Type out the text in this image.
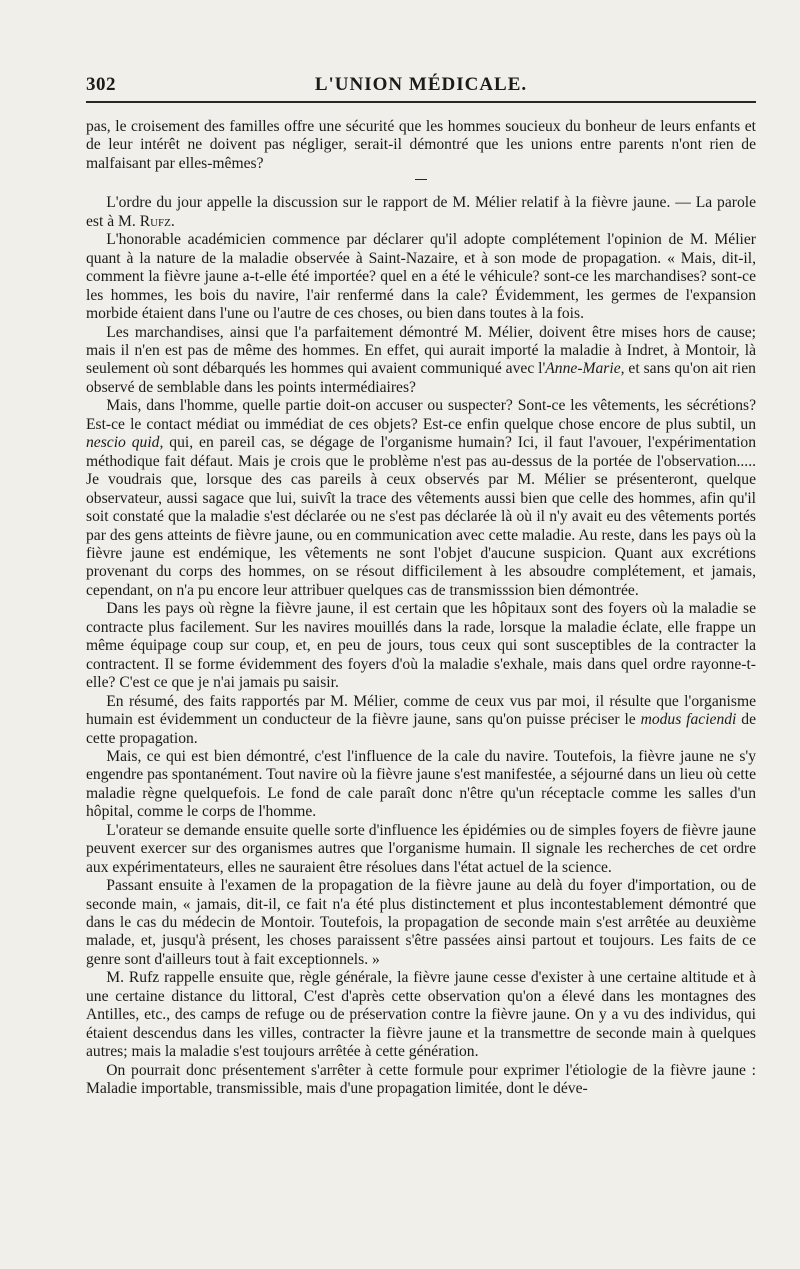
302	L'UNION MÉDICALE.

pas, le croisement des familles offre une sécurité que les hommes soucieux du bonheur de leurs enfants et de leur intérêt ne doivent pas négliger, serait-il démontré que les unions entre parents n'ont rien de malfaisant par elles-mêmes?

L'ordre du jour appelle la discussion sur le rapport de M. Mélier relatif à la fièvre jaune. — La parole est à M. Rufz.

L'honorable académicien commence par déclarer qu'il adopte complétement l'opinion de M. Mélier quant à la nature de la maladie observée à Saint-Nazaire, et à son mode de propagation. « Mais, dit-il, comment la fièvre jaune a-t-elle été importée? quel en a été le véhicule? sont-ce les marchandises? sont-ce les hommes, les bois du navire, l'air renfermé dans la cale? Évidemment, les germes de l'expansion morbide étaient dans l'une ou l'autre de ces choses, ou bien dans toutes à la fois.

Les marchandises, ainsi que l'a parfaitement démontré M. Mélier, doivent être mises hors de cause; mais il n'en est pas de même des hommes. En effet, qui aurait importé la maladie à Indret, à Montoir, là seulement où sont débarqués les hommes qui avaient communiqué avec l'Anne-Marie, et sans qu'on ait rien observé de semblable dans les points intermédiaires?

Mais, dans l'homme, quelle partie doit-on accuser ou suspecter? Sont-ce les vêtements, les sécrétions? Est-ce le contact médiat ou immédiat de ces objets? Est-ce enfin quelque chose encore de plus subtil, un nescio quid, qui, en pareil cas, se dégage de l'organisme humain? Ici, il faut l'avouer, l'expérimentation méthodique fait défaut. Mais je crois que le problème n'est pas au-dessus de la portée de l'observation..... Je voudrais que, lorsque des cas pareils à ceux observés par M. Mélier se présenteront, quelque observateur, aussi sagace que lui, suivît la trace des vêtements aussi bien que celle des hommes, afin qu'il soit constaté que la maladie s'est déclarée ou ne s'est pas déclarée là où il n'y avait eu des vêtements portés par des gens atteints de fièvre jaune, ou en communication avec cette maladie. Au reste, dans les pays où la fièvre jaune est endémique, les vêtements ne sont l'objet d'aucune suspicion. Quant aux excrétions provenant du corps des hommes, on se résout difficilement à les absoudre complétement, et jamais, cependant, on n'a pu encore leur attribuer quelques cas de transmisssion bien démontrée.

Dans les pays où règne la fièvre jaune, il est certain que les hôpitaux sont des foyers où la maladie se contracte plus facilement. Sur les navires mouillés dans la rade, lorsque la maladie éclate, elle frappe un même équipage coup sur coup, et, en peu de jours, tous ceux qui sont susceptibles de la contracter la contractent. Il se forme évidemment des foyers d'où la maladie s'exhale, mais dans quel ordre rayonne-t-elle? C'est ce que je n'ai jamais pu saisir.

En résumé, des faits rapportés par M. Mélier, comme de ceux vus par moi, il résulte que l'organisme humain est évidemment un conducteur de la fièvre jaune, sans qu'on puisse préciser le modus faciendi de cette propagation.

Mais, ce qui est bien démontré, c'est l'influence de la cale du navire. Toutefois, la fièvre jaune ne s'y engendre pas spontanément. Tout navire où la fièvre jaune s'est manifestée, a séjourné dans un lieu où cette maladie règne quelquefois. Le fond de cale paraît donc n'être qu'un réceptacle comme les salles d'un hôpital, comme le corps de l'homme.

L'orateur se demande ensuite quelle sorte d'influence les épidémies ou de simples foyers de fièvre jaune peuvent exercer sur des organismes autres que l'organisme humain. Il signale les recherches de cet ordre aux expérimentateurs, elles ne sauraient être résolues dans l'état actuel de la science.

Passant ensuite à l'examen de la propagation de la fièvre jaune au delà du foyer d'importation, ou de seconde main, « jamais, dit-il, ce fait n'a été plus distinctement et plus incontestablement démontré que dans le cas du médecin de Montoir. Toutefois, la propagation de seconde main s'est arrêtée au deuxième malade, et, jusqu'à présent, les choses paraissent s'être passées ainsi partout et toujours. Les faits de ce genre sont d'ailleurs tout à fait exceptionnels. »

M. Rufz rappelle ensuite que, règle générale, la fièvre jaune cesse d'exister à une certaine altitude et à une certaine distance du littoral, C'est d'après cette observation qu'on a élevé dans les montagnes des Antilles, etc., des camps de refuge ou de préservation contre la fièvre jaune. On y a vu des individus, qui étaient descendus dans les villes, contracter la fièvre jaune et la transmettre de seconde main à quelques autres; mais la maladie s'est toujours arrêtée à cette génération.

On pourrait donc présentement s'arrêter à cette formule pour exprimer l'étiologie de la fièvre jaune : Maladie importable, transmissible, mais d'une propagation limitée, dont le déve-
